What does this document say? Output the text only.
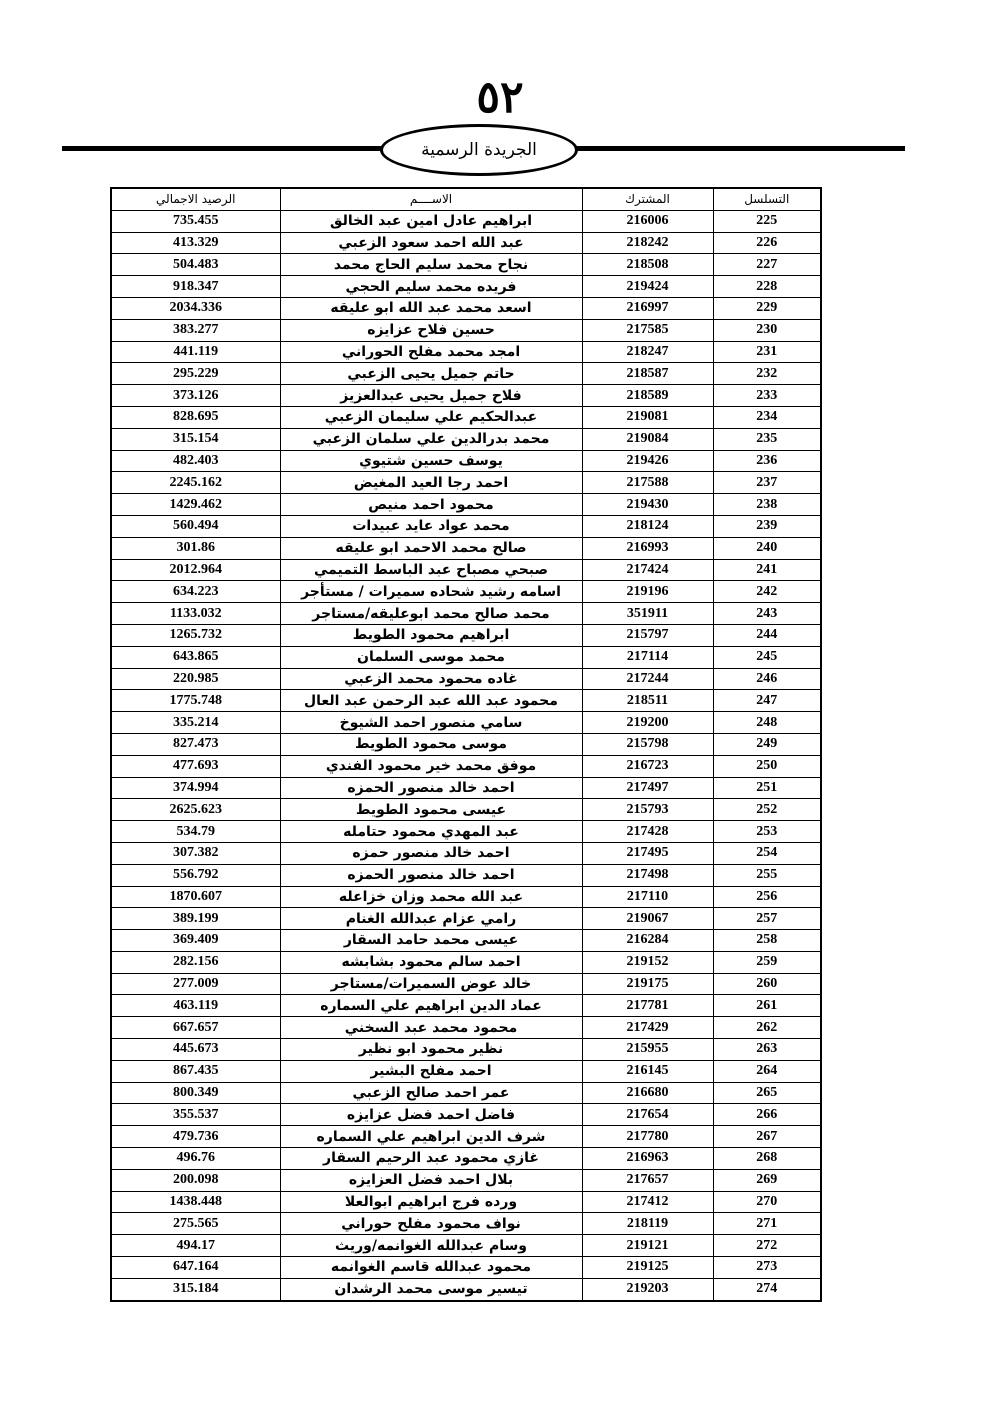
٥٢
الجريدة الرسمية
التسلسل	المشترك	الاســــم	الرصيد الاجمالي
225	216006	ابراهيم عادل امين عبد الخالق	735.455
226	218242	عبد الله احمد سعود الزعبي	413.329
227	218508	نجاح محمد سليم الحاج محمد	504.483
228	219424	فريده محمد سليم الحجي	918.347
229	216997	اسعد محمد عبد الله ابو عليقه	2034.336
230	217585	حسين فلاح عزايزه	383.277
231	218247	امجد محمد مفلح الحوراني	441.119
232	218587	حاتم جميل يحيى الزعبي	295.229
233	218589	فلاح جميل يحيى عبدالعزيز	373.126
234	219081	عبدالحكيم علي سليمان الزعبي	828.695
235	219084	محمد بدرالدين علي سلمان الزعبي	315.154
236	219426	يوسف حسين شتيوي	482.403
237	217588	احمد رجا العيد المغيض	2245.162
238	219430	محمود احمد منيص	1429.462
239	218124	محمد عواد عايد عبيدات	560.494
240	216993	صالح محمد الاحمد ابو عليقه	301.86
241	217424	صبحي مصباح عبد الباسط التميمي	2012.964
242	219196	اسامه رشيد شحاده سميرات / مستأجر	634.223
243	351911	محمد صالح محمد ابوعليقه/مستاجر	1133.032
244	215797	ابراهيم محمود الطويط	1265.732
245	217114	محمد موسى السلمان	643.865
246	217244	غاده محمود محمد الزعبي	220.985
247	218511	محمود عبد الله عبد الرحمن عبد العال	1775.748
248	219200	سامي منصور احمد الشيوخ	335.214
249	215798	موسى محمود الطويط	827.473
250	216723	موفق محمد خير محمود الفندي	477.693
251	217497	احمد خالد منصور الحمزه	374.994
252	215793	عيسى محمود الطويط	2625.623
253	217428	عبد المهدي محمود حتامله	534.79
254	217495	احمد خالد منصور حمزه	307.382
255	217498	احمد خالد منصور الحمزه	556.792
256	217110	عبد الله محمد وزان خزاعله	1870.607
257	219067	رامي عزام عبدالله الغنام	389.199
258	216284	عيسى محمد حامد السقار	369.409
259	219152	احمد سالم محمود بشابشه	282.156
260	219175	خالد عوض السميرات/مستاجر	277.009
261	217781	عماد الدين ابراهيم علي السماره	463.119
262	217429	محمود محمد عبد السخني	667.657
263	215955	نظير محمود ابو نظير	445.673
264	216145	احمد مفلح البشير	867.435
265	216680	عمر احمد صالح الزعبي	800.349
266	217654	فاضل احمد فضل عزايزه	355.537
267	217780	شرف الدين ابراهيم علي السماره	479.736
268	216963	غازي محمود عبد الرحيم السقار	496.76
269	217657	بلال احمد فضل العزايزه	200.098
270	217412	ورده فرج ابراهيم ابوالعلا	1438.448
271	218119	نواف محمود مفلح حوراني	275.565
272	219121	وسام عبدالله الغوانمه/وريث	494.17
273	219125	محمود عبدالله قاسم الغوانمه	647.164
274	219203	تيسير موسى محمد الرشدان	315.184
